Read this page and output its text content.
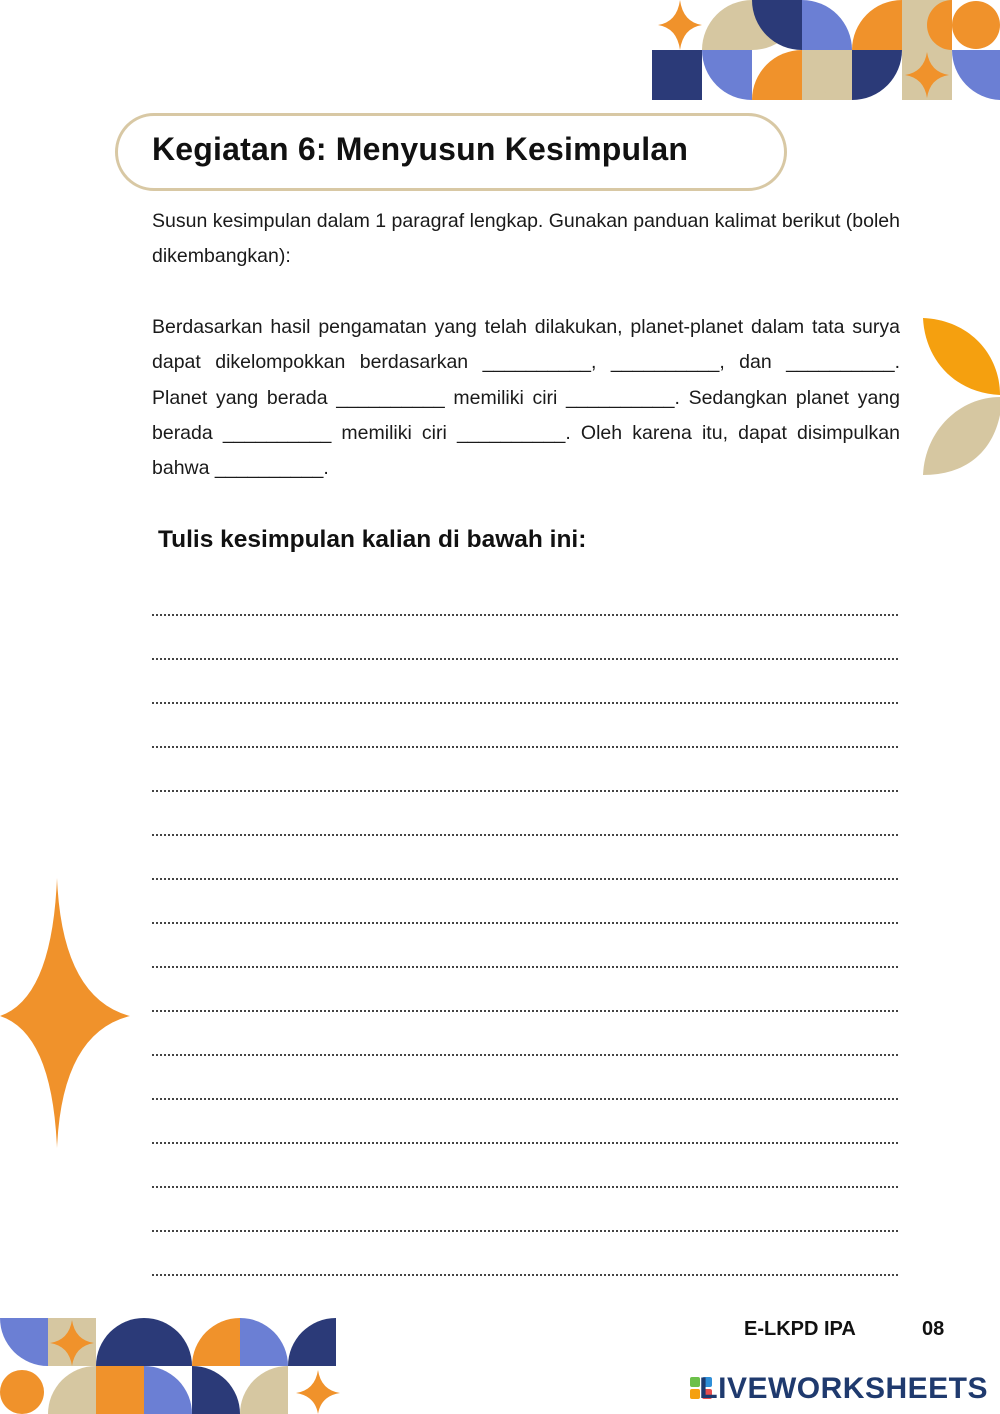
Kegiatan 6: Menyusun Kesimpulan

Susun kesimpulan dalam 1 paragraf lengkap. Gunakan panduan kalimat berikut (boleh dikembangkan):

Berdasarkan hasil pengamatan yang telah dilakukan, planet-planet dalam tata surya dapat dikelompokkan berdasarkan __________, __________, dan __________. Planet yang berada __________ memiliki ciri __________. Sedangkan planet yang berada __________ memiliki ciri __________. Oleh karena itu, dapat disimpulkan bahwa __________.

Tulis kesimpulan kalian di bawah ini:
E-LKPD IPA	08
LIVEWORKSHEETS
